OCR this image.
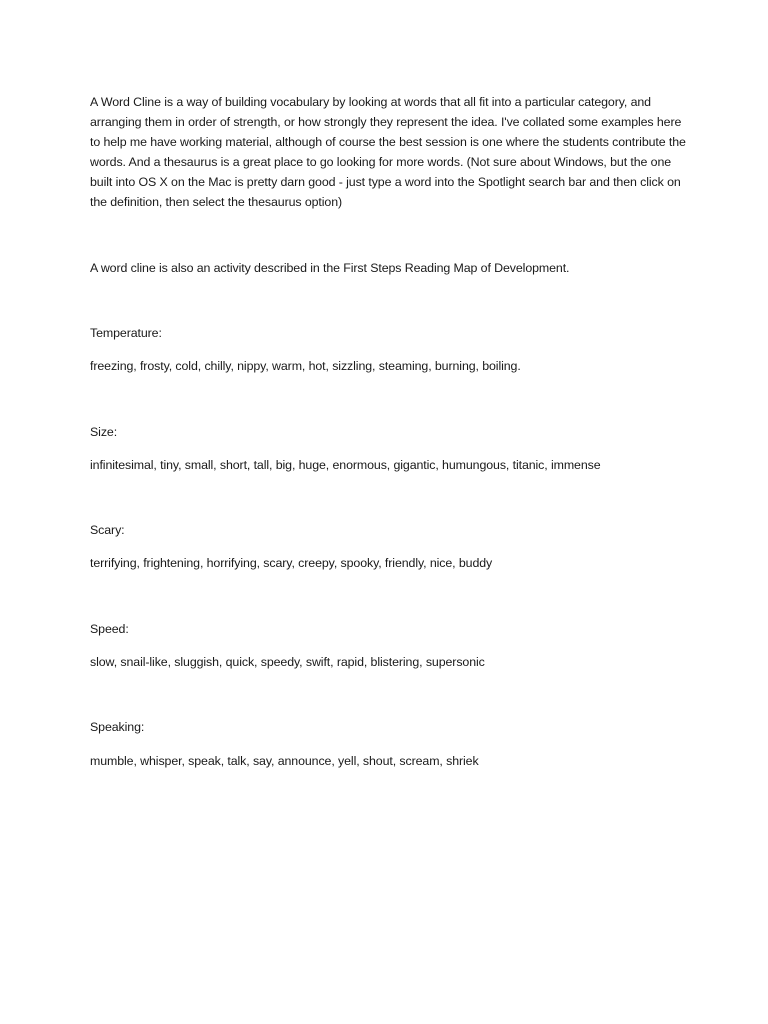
A Word Cline is a way of building vocabulary by looking at words that all fit into a particular category, and arranging them in order of strength, or how strongly they represent the idea. I've collated some examples here to help me have working material, although of course the best session is one where the students contribute the words. And a thesaurus is a great place to go looking for more words. (Not sure about Windows, but the one built into OS X on the Mac is pretty darn good - just type a word into the Spotlight search bar and then click on the definition, then select the thesaurus option)

A word cline is also an activity described in the First Steps Reading Map of Development.

Temperature:

freezing, frosty, cold, chilly, nippy, warm, hot, sizzling, steaming, burning, boiling.

Size:

infinitesimal, tiny, small, short, tall, big, huge, enormous, gigantic, humungous, titanic, immense

Scary:

terrifying, frightening, horrifying, scary, creepy, spooky, friendly, nice, buddy

Speed:

slow, snail-like, sluggish, quick, speedy, swift, rapid, blistering, supersonic

Speaking:

mumble, whisper, speak, talk, say, announce, yell, shout, scream, shriek
